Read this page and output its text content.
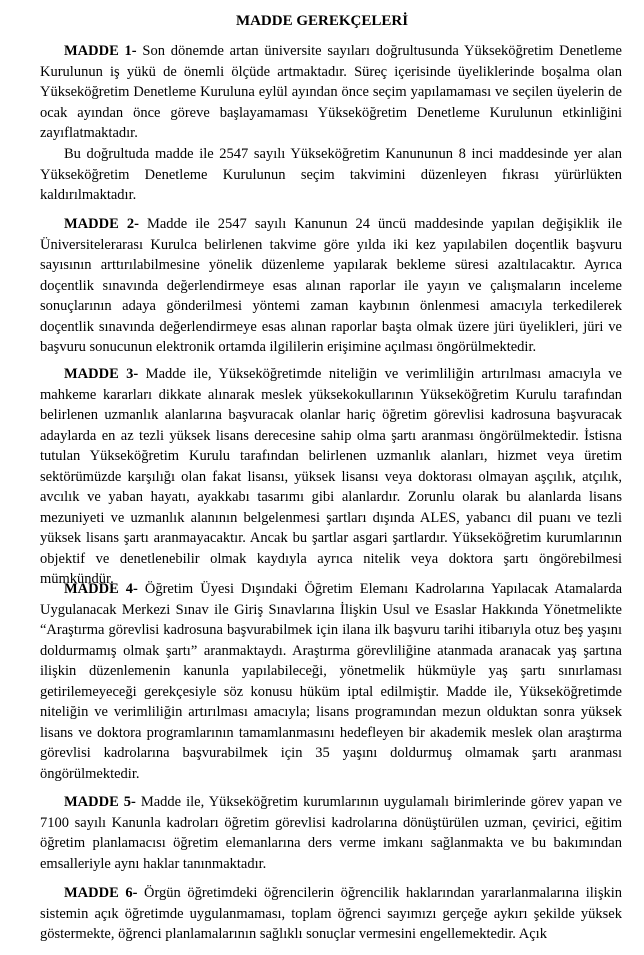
MADDE GEREKÇELERİ

MADDE 1- Son dönemde artan üniversite sayıları doğrultusunda Yükseköğretim Denetleme Kurulunun iş yükü de önemli ölçüde artmaktadır. Süreç içerisinde üyeliklerinde boşalma olan Yükseköğretim Denetleme Kuruluna eylül ayından önce seçim yapılamaması ve seçilen üyelerin de ocak ayından önce göreve başlayamaması Yükseköğretim Denetleme Kurulunun etkinliğini zayıflatmaktadır.

Bu doğrultuda madde ile 2547 sayılı Yükseköğretim Kanununun 8 inci maddesinde yer alan Yükseköğretim Denetleme Kurulunun seçim takvimini düzenleyen fıkrası yürürlükten kaldırılmaktadır.

MADDE 2- Madde ile 2547 sayılı Kanunun 24 üncü maddesinde yapılan değişiklik ile Üniversitelerarası Kurulca belirlenen takvime göre yılda iki kez yapılabilen doçentlik başvuru sayısının arttırılabilmesine yönelik düzenleme yapılarak bekleme süresi azaltılacaktır. Ayrıca doçentlik sınavında değerlendirmeye esas alınan raporlar ile yayın ve çalışmaların inceleme sonuçlarının adaya gönderilmesi yöntemi zaman kaybının önlenmesi amacıyla terkedilerek doçentlik sınavında değerlendirmeye esas alınan raporlar başta olmak üzere jüri üyelikleri, jüri ve başvuru sonucunun elektronik ortamda ilgililerin erişimine açılması öngörülmektedir.

MADDE 3- Madde ile, Yükseköğretimde niteliğin ve verimliliğin artırılması amacıyla ve mahkeme kararları dikkate alınarak meslek yüksekokullarının Yükseköğretim Kurulu tarafından belirlenen uzmanlık alanlarına başvuracak olanlar hariç öğretim görevlisi kadrosuna başvuracak adaylarda en az tezli yüksek lisans derecesine sahip olma şartı aranması öngörülmektedir. İstisna tutulan Yükseköğretim Kurulu tarafından belirlenen uzmanlık alanları, hizmet veya üretim sektörümüzde karşılığı olan fakat lisansı, yüksek lisansı veya doktorası olmayan aşçılık, atçılık, avcılık ve yaban hayatı, ayakkabı tasarımı gibi alanlardır. Zorunlu olarak bu alanlarda lisans mezuniyeti ve uzmanlık alanının belgelenmesi şartları dışında ALES, yabancı dil puanı ve tezli yüksek lisans şartı aranmayacaktır. Ancak bu şartlar asgari şartlardır. Yükseköğretim kurumlarının objektif ve denetlenebilir olmak kaydıyla ayrıca nitelik veya doktora şartı öngörebilmesi mümkündür.

MADDE 4- Öğretim Üyesi Dışındaki Öğretim Elemanı Kadrolarına Yapılacak Atamalarda Uygulanacak Merkezi Sınav ile Giriş Sınavlarına İlişkin Usul ve Esaslar Hakkında Yönetmelikte “Araştırma görevlisi kadrosuna başvurabilmek için ilana ilk başvuru tarihi itibarıyla otuz beş yaşını doldurmamış olmak şartı” aranmaktaydı. Araştırma görevliliğine atanmada aranacak yaş şartına ilişkin düzenlemenin kanunla yapılabileceği, yönetmelik hükmüyle yaş şartı sınırlaması getirilemeyeceği gerekçesiyle söz konusu hüküm iptal edilmiştir. Madde ile, Yükseköğretimde niteliğin ve verimliliğin artırılması amacıyla; lisans programından mezun olduktan sonra yüksek lisans ve doktora programlarının tamamlanmasını hedefleyen bir akademik meslek olan araştırma görevlisi kadrolarına başvurabilmek için 35 yaşını doldurmuş olmamak şartı aranması öngörülmektedir.

MADDE 5- Madde ile, Yükseköğretim kurumlarının uygulamalı birimlerinde görev yapan ve 7100 sayılı Kanunla kadroları öğretim görevlisi kadrolarına dönüştürülen uzman, çevirici, eğitim öğretim planlamacısı öğretim elemanlarına ders verme imkanı sağlanmakta ve bu bakımından emsalleriyle aynı haklar tanınmaktadır.

MADDE 6- Örgün öğretimdeki öğrencilerin öğrencilik haklarından yararlanmalarına ilişkin sistemin açık öğretimde uygulanmaması, toplam öğrenci sayımızı gerçeğe aykırı şekilde yüksek göstermekte, öğrenci planlamalarının sağlıklı sonuçlar vermesini engellemektedir. Açık
